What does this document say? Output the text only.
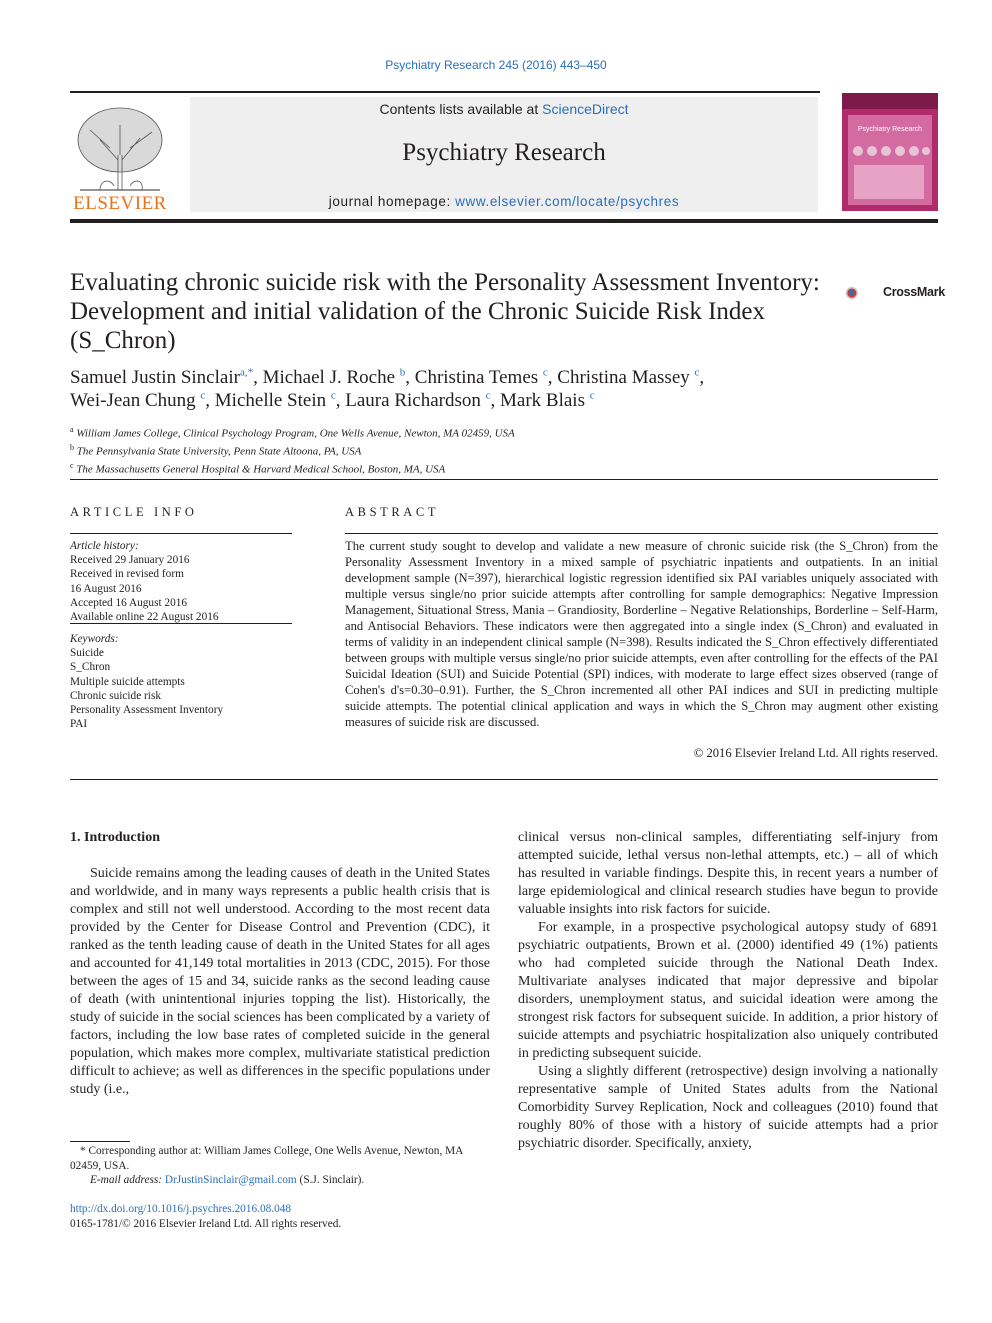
Psychiatry Research 245 (2016) 443–450
ELSEVIER
Contents lists available at ScienceDirect
Psychiatry Research
journal homepage: www.elsevier.com/locate/psychres
Psychiatry Research
Evaluating chronic suicide risk with the Personality Assessment Inventory: Development and initial validation of the Chronic Suicide Risk Index (S_Chron)
CrossMark
Samuel Justin Sinclair$^{a,*}$, Michael J. Roche $^b$, Christina Temes $^c$, Christina Massey $^c$,
Wei-Jean Chung $^c$, Michelle Stein $^c$, Laura Richardson $^c$, Mark Blais $^c$
$^a$ William James College, Clinical Psychology Program, One Wells Avenue, Newton, MA 02459, USA
$^b$ The Pennsylvania State University, Penn State Altoona, PA, USA
$^c$ The Massachusetts General Hospital & Harvard Medical School, Boston, MA, USA
ARTICLE INFO	ABSTRACT
Article history:
Received 29 January 2016
Received in revised form
16 August 2016
Accepted 16 August 2016
Available online 22 August 2016
Keywords:
Suicide
S_Chron
Multiple suicide attempts
Chronic suicide risk
Personality Assessment Inventory
PAI
The current study sought to develop and validate a new measure of chronic suicide risk (the S_Chron) from the Personality Assessment Inventory in a mixed sample of psychiatric inpatients and outpatients. In an initial development sample (N=397), hierarchical logistic regression identified six PAI variables uniquely associated with multiple versus single/no prior suicide attempts after controlling for sample demographics: Negative Impression Management, Situational Stress, Mania – Grandiosity, Borderline – Negative Relationships, Borderline – Self-Harm, and Antisocial Behaviors. These indicators were then aggregated into a single index (S_Chron) and evaluated in terms of validity in an independent clinical sample (N=398). Results indicated the S_Chron effectively differentiated between groups with multiple versus single/no prior suicide attempts, even after controlling for the effects of the PAI Suicidal Ideation (SUI) and Suicide Potential (SPI) indices, with moderate to large effect sizes observed (range of Cohen's d's=0.30–0.91). Further, the S_Chron incremented all other PAI indices and SUI in predicting multiple suicide attempts. The potential clinical application and ways in which the S_Chron may augment other existing measures of suicide risk are discussed.
© 2016 Elsevier Ireland Ltd. All rights reserved.
1. Introduction

Suicide remains among the leading causes of death in the United States and worldwide, and in many ways represents a public health crisis that is complex and still not well understood. According to the most recent data provided by the Center for Disease Control and Prevention (CDC), it ranked as the tenth leading cause of death in the United States for all ages and accounted for 41,149 total mortalities in 2013 (CDC, 2015). For those between the ages of 15 and 34, suicide ranks as the second leading cause of death (with unintentional injuries topping the list). Historically, the study of suicide in the social sciences has been complicated by a variety of factors, including the low base rates of completed suicide in the general population, which makes more complex, multivariate statistical prediction difficult to achieve; as well as differences in the specific populations under study (i.e.,

clinical versus non-clinical samples, differentiating self-injury from attempted suicide, lethal versus non-lethal attempts, etc.) – all of which has resulted in variable findings. Despite this, in recent years a number of large epidemiological and clinical research studies have begun to provide valuable insights into risk factors for suicide.

For example, in a prospective psychological autopsy study of 6891 psychiatric outpatients, Brown et al. (2000) identified 49 (1%) patients who had completed suicide through the National Death Index. Multivariate analyses indicated that major depressive and bipolar disorders, unemployment status, and suicidal ideation were among the strongest risk factors for subsequent suicide. In addition, a prior history of suicide attempts and psychiatric hospitalization also uniquely contributed in predicting subsequent suicide.

Using a slightly different (retrospective) design involving a nationally representative sample of United States adults from the National Comorbidity Survey Replication, Nock and colleagues (2010) found that roughly 80% of those with a history of suicide attempts had a prior psychiatric disorder. Specifically, anxiety,

* Corresponding author at: William James College, One Wells Avenue, Newton, MA 02459, USA.
E-mail address: DrJustinSinclair@gmail.com (S.J. Sinclair).
http://dx.doi.org/10.1016/j.psychres.2016.08.048
0165-1781/© 2016 Elsevier Ireland Ltd. All rights reserved.
